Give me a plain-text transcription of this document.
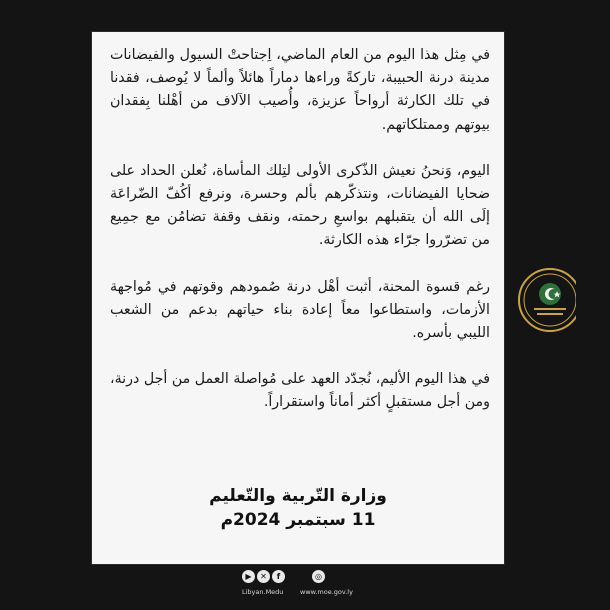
في مِثل هذا اليوم من العام الماضي، اِجتاحتْ السيول والفيضانات مدينة درنة الحبيبة، تاركةً وراءها دماراً هائلاً وألماً لا يُوصف، فقدنا في تلك الكارثة أرواحاً عزيزة، وأُصيب الآلاف من أهْلنا بِفقدان بيوتهم وممتلكاتهم.

اليوم، وَنحنُ نعيش الذّكرى الأولى لتِلك المأساة، نُعلن الحداد على ضحايا الفيضانات، ونتذكّرهم بألم وحسرة، ونرفع أكُفّ الضّراعَة إلَى الله أن يتقبلهم بواسعِ رحمته، ونقف وقفة تضامُن مع جمِيع من تضرّروا جرّاء هذه الكارثة.

رغم قسوة المحنة، أثبت أهْل درنة صُمودهم وقوتهم في مُواجهة الأزمات، واستطاعوا معاً إعادة بناء حياتهم بدعم من الشعب الليبي بأسره.

في هذا اليوم الأليم، نُجدّد العهد على مُواصلة العمل من أجل درنة، ومن أجل مستقبلٍ أكثر أماناً واستقراراً.

وزارة التّربية والتّعليم
11 سبتمبر 2024م
▶	✕	f	◎
Libyan.Medu	www.moe.gov.ly
